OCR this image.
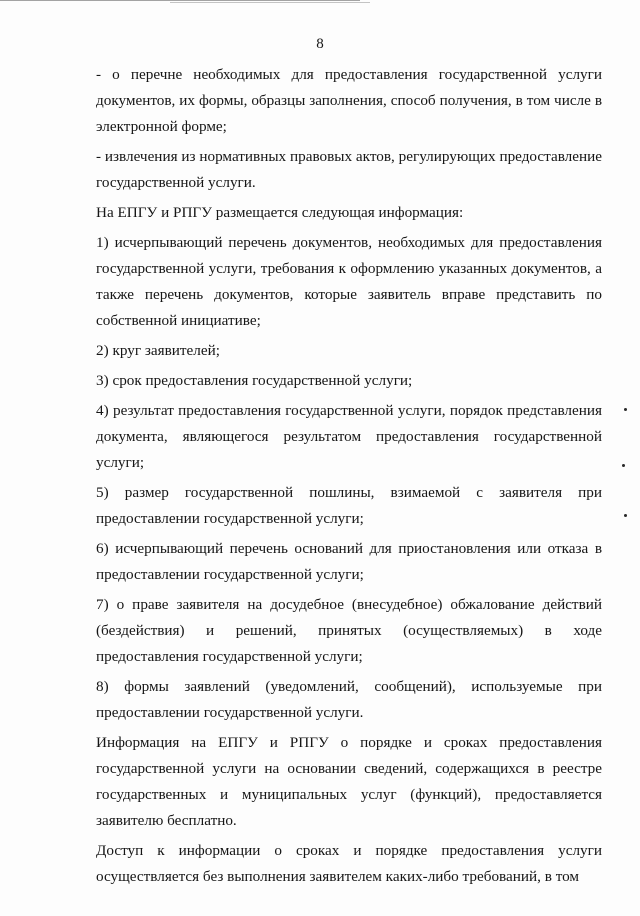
8

- о перечне необходимых для предоставления государственной услуги документов, их формы, образцы заполнения, способ получения, в том числе в электронной форме;

- извлечения из нормативных правовых актов, регулирующих предоставление государственной услуги.

На ЕПГУ и РПГУ размещается следующая информация:

1) исчерпывающий перечень документов, необходимых для предоставления государственной услуги, требования к оформлению указанных документов, а также перечень документов, которые заявитель вправе представить по собственной инициативе;

2) круг заявителей;

3) срок предоставления государственной услуги;

4) результат предоставления государственной услуги, порядок представления документа, являющегося результатом предоставления государственной услуги;

5) размер государственной пошлины, взимаемой с заявителя при предоставлении государственной услуги;

6) исчерпывающий перечень оснований для приостановления или отказа в предоставлении государственной услуги;

7) о праве заявителя на досудебное (внесудебное) обжалование действий (бездействия) и решений, принятых (осуществляемых) в ходе предоставления государственной услуги;

8) формы заявлений (уведомлений, сообщений), используемые при предоставлении государственной услуги.

Информация на ЕПГУ и РПГУ о порядке и сроках предоставления государственной услуги на основании сведений, содержащихся в реестре государственных и муниципальных услуг (функций), предоставляется заявителю бесплатно.

Доступ к информации о сроках и порядке предоставления услуги осуществляется без выполнения заявителем каких-либо требований, в том
